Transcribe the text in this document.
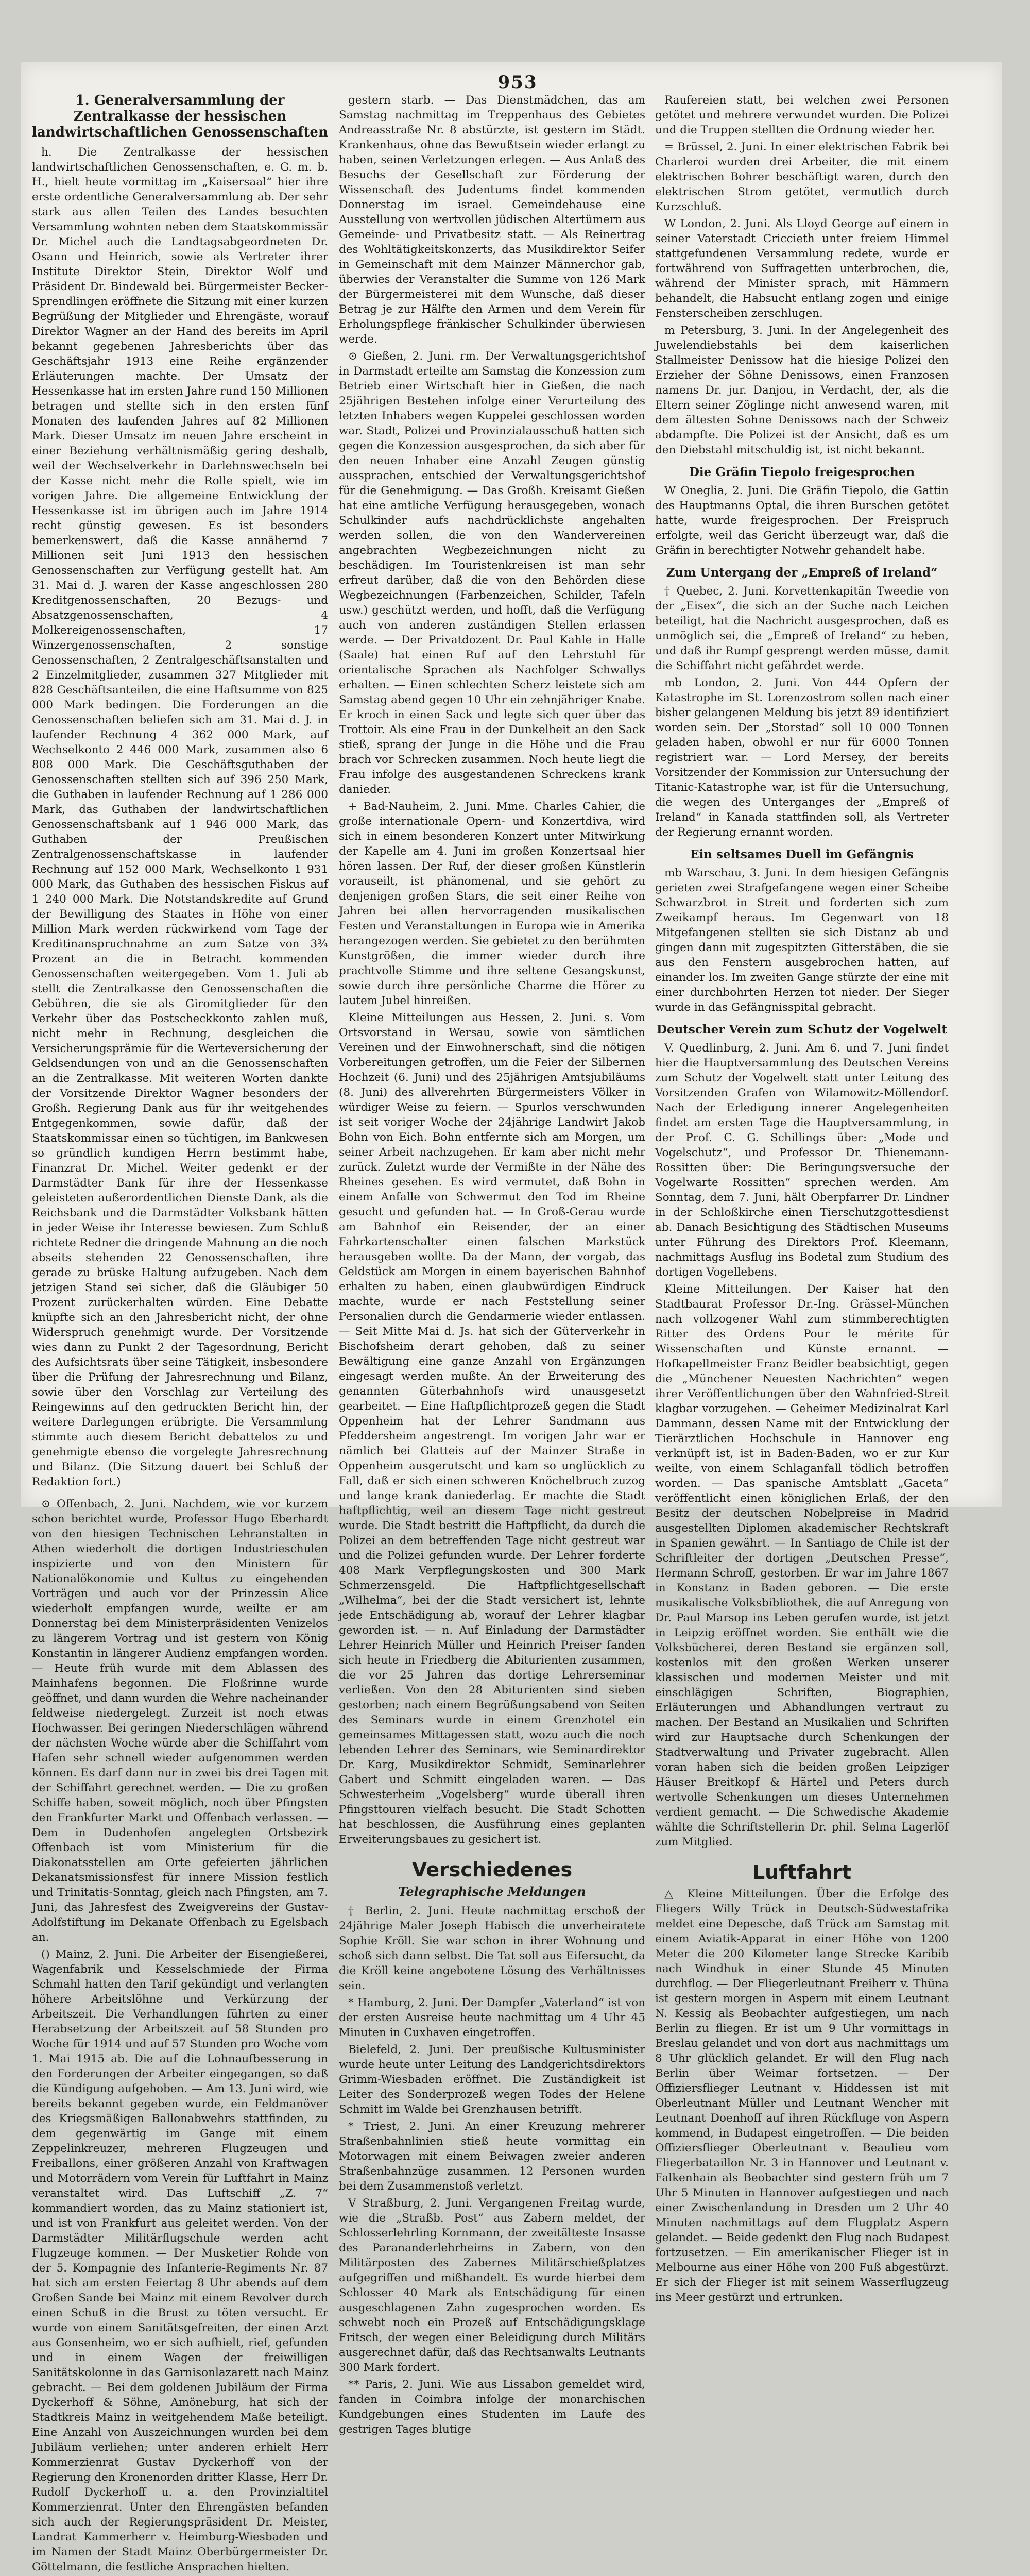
953
1. Generalversammlung der Zentralkasse der hessischen landwirtschaftlichen Genossenschaften

h. Die Zentralkasse der hessischen landwirtschaftlichen Genossenschaften, e. G. m. b. H., hielt heute vormittag im „Kaisersaal“ hier ihre erste ordentliche Generalversammlung ab. Der sehr stark aus allen Teilen des Landes besuchten Versammlung wohnten neben dem Staatskommissär Dr. Michel auch die Landtagsabgeordneten Dr. Osann und Heinrich, sowie als Vertreter ihrer Institute Direktor Stein, Direktor Wolf und Präsident Dr. Bindewald bei. Bürgermeister Becker-Sprendlingen eröffnete die Sitzung mit einer kurzen Begrüßung der Mitglieder und Ehrengäste, worauf Direktor Wagner an der Hand des bereits im April bekannt gegebenen Jahresberichts über das Geschäftsjahr 1913 eine Reihe ergänzender Erläuterungen machte. Der Umsatz der Hessenkasse hat im ersten Jahre rund 150 Millionen betragen und stellte sich in den ersten fünf Monaten des laufenden Jahres auf 82 Millionen Mark. Dieser Umsatz im neuen Jahre erscheint in einer Beziehung verhältnismäßig gering deshalb, weil der Wechselverkehr in Darlehnswechseln bei der Kasse nicht mehr die Rolle spielt, wie im vorigen Jahre. Die allgemeine Entwicklung der Hessenkasse ist im übrigen auch im Jahre 1914 recht günstig gewesen. Es ist besonders bemerkenswert, daß die Kasse annähernd 7 Millionen seit Juni 1913 den hessischen Genossenschaften zur Verfügung gestellt hat. Am 31. Mai d. J. waren der Kasse angeschlossen 280 Kreditgenossenschaften, 20 Bezugs- und Absatzgenossenschaften, 4 Molkereigenossenschaften, 17 Winzergenossenschaften, 2 sonstige Genossenschaften, 2 Zentralgeschäftsanstalten und 2 Einzelmitglieder, zusammen 327 Mitglieder mit 828 Geschäftsanteilen, die eine Haftsumme von 825 000 Mark bedingen. Die Forderungen an die Genossenschaften beliefen sich am 31. Mai d. J. in laufender Rechnung 4 362 000 Mark, auf Wechselkonto 2 446 000 Mark, zusammen also 6 808 000 Mark. Die Geschäftsguthaben der Genossenschaften stellten sich auf 396 250 Mark, die Guthaben in laufender Rechnung auf 1 286 000 Mark, das Guthaben der landwirtschaftlichen Genossenschaftsbank auf 1 946 000 Mark, das Guthaben der Preußischen Zentralgenossenschaftskasse in laufender Rechnung auf 152 000 Mark, Wechselkonto 1 931 000 Mark, das Guthaben des hessischen Fiskus auf 1 240 000 Mark. Die Notstandskredite auf Grund der Bewilligung des Staates in Höhe von einer Million Mark werden rückwirkend vom Tage der Kreditinanspruchnahme an zum Satze von 3¾ Prozent an die in Betracht kommenden Genossenschaften weitergegeben. Vom 1. Juli ab stellt die Zentralkasse den Genossenschaften die Gebühren, die sie als Giromitglieder für den Verkehr über das Postscheckkonto zahlen muß, nicht mehr in Rechnung, desgleichen die Versicherungsprämie für die Werteversicherung der Geldsendungen von und an die Genossenschaften an die Zentralkasse. Mit weiteren Worten dankte der Vorsitzende Direktor Wagner besonders der Großh. Regierung Dank aus für ihr weitgehendes Entgegenkommen, sowie dafür, daß der Staatskommissar einen so tüchtigen, im Bankwesen so gründlich kundigen Herrn bestimmt habe, Finanzrat Dr. Michel. Weiter gedenkt er der Darmstädter Bank für ihre der Hessenkasse geleisteten außerordentlichen Dienste Dank, als die Reichsbank und die Darmstädter Volksbank hätten in jeder Weise ihr Interesse bewiesen. Zum Schluß richtete Redner die dringende Mahnung an die noch abseits stehenden 22 Genossenschaften, ihre gerade zu brüske Haltung aufzugeben. Nach dem jetzigen Stand sei sicher, daß die Gläubiger 50 Prozent zurückerhalten würden. Eine Debatte knüpfte sich an den Jahresbericht nicht, der ohne Widerspruch genehmigt wurde. Der Vorsitzende wies dann zu Punkt 2 der Tagesordnung, Bericht des Aufsichtsrats über seine Tätigkeit, insbesondere über die Prüfung der Jahresrechnung und Bilanz, sowie über den Vorschlag zur Verteilung des Reingewinns auf den gedruckten Bericht hin, der weitere Darlegungen erübrigte. Die Versammlung stimmte auch diesem Bericht debattelos zu und genehmigte ebenso die vorgelegte Jahresrechnung und Bilanz. (Die Sitzung dauert bei Schluß der Redaktion fort.)

⊙ Offenbach, 2. Juni. Nachdem, wie vor kurzem schon berichtet wurde, Professor Hugo Eberhardt von den hiesigen Technischen Lehranstalten in Athen wiederholt die dortigen Industrieschulen inspizierte und von den Ministern für Nationalökonomie und Kultus zu eingehenden Vorträgen und auch vor der Prinzessin Alice wiederholt empfangen wurde, weilte er am Donnerstag bei dem Ministerpräsidenten Venizelos zu längerem Vortrag und ist gestern von König Konstantin in längerer Audienz empfangen worden. — Heute früh wurde mit dem Ablassen des Mainhafens begonnen. Die Floßrinne wurde geöffnet, und dann wurden die Wehre nacheinander feldweise niedergelegt. Zurzeit ist noch etwas Hochwasser. Bei geringen Niederschlägen während der nächsten Woche würde aber die Schiffahrt vom Hafen sehr schnell wieder aufgenommen werden können. Es darf dann nur in zwei bis drei Tagen mit der Schiffahrt gerechnet werden. — Die zu großen Schiffe haben, soweit möglich, noch über Pfingsten den Frankfurter Markt und Offenbach verlassen. — Dem in Dudenhofen angelegten Ortsbezirk Offenbach ist vom Ministerium für die Diakonatsstellen am Orte gefeierten jährlichen Dekanatsmissionsfest für innere Mission festlich und Trinitatis-Sonntag, gleich nach Pfingsten, am 7. Juni, das Jahresfest des Zweigvereins der Gustav-Adolfstiftung im Dekanate Offenbach zu Egelsbach an.

() Mainz, 2. Juni. Die Arbeiter der Eisengießerei, Wagenfabrik und Kesselschmiede der Firma Schmahl hatten den Tarif gekündigt und verlangten höhere Arbeitslöhne und Verkürzung der Arbeitszeit. Die Verhandlungen führten zu einer Herabsetzung der Arbeitszeit auf 58 Stunden pro Woche für 1914 und auf 57 Stunden pro Woche vom 1. Mai 1915 ab. Die auf die Lohnaufbesserung in den Forderungen der Arbeiter eingegangen, so daß die Kündigung aufgehoben. — Am 13. Juni wird, wie bereits bekannt gegeben wurde, ein Feldmanöver des Kriegsmäßigen Ballonabwehrs stattfinden, zu dem gegenwärtig im Gange mit einem Zeppelinkreuzer, mehreren Flugzeugen und Freiballons, einer größeren Anzahl von Kraftwagen und Motorrädern vom Verein für Luftfahrt in Mainz veranstaltet wird. Das Luftschiff „Z. 7“ kommandiert worden, das zu Mainz stationiert ist, und ist von Frankfurt aus geleitet werden. Von der Darmstädter Militärflugschule werden acht Flugzeuge kommen. — Der Musketier Rohde von der 5. Kompagnie des Infanterie-Regiments Nr. 87 hat sich am ersten Feiertag 8 Uhr abends auf dem Großen Sande bei Mainz mit einem Revolver durch einen Schuß in die Brust zu töten versucht. Er wurde von einem Sanitätsgefreiten, der einen Arzt aus Gonsenheim, wo er sich aufhielt, rief, gefunden und in einem Wagen der freiwilligen Sanitätskolonne in das Garnisonlazarett nach Mainz gebracht. — Bei dem goldenen Jubiläum der Firma Dyckerhoff & Söhne, Amöneburg, hat sich der Stadtkreis Mainz in weitgehendem Maße beteiligt. Eine Anzahl von Auszeichnungen wurden bei dem Jubiläum verliehen; unter anderen erhielt Herr Kommerzienrat Gustav Dyckerhoff von der Regierung den Kronenorden dritter Klasse, Herr Dr. Rudolf Dyckerhoff u. a. den Provinzialtitel Kommerzienrat. Unter den Ehrengästen befanden sich auch der Regierungspräsident Dr. Meister, Landrat Kammerherr v. Heimburg-Wiesbaden und im Namen der Stadt Mainz Oberbürgermeister Dr. Göttelmann, die festliche Ansprachen hielten.

gestern starb. — Das Dienstmädchen, das am Samstag nachmittag im Treppenhaus des Gebietes Andreasstraße Nr. 8 abstürzte, ist gestern im Städt. Krankenhaus, ohne das Bewußtsein wieder erlangt zu haben, seinen Verletzungen erlegen. — Aus Anlaß des Besuchs der Gesellschaft zur Förderung der Wissenschaft des Judentums findet kommenden Donnerstag im israel. Gemeindehause eine Ausstellung von wertvollen jüdischen Altertümern aus Gemeinde- und Privatbesitz statt. — Als Reinertrag des Wohltätigkeitskonzerts, das Musikdirektor Seifer in Gemeinschaft mit dem Mainzer Männerchor gab, überwies der Veranstalter die Summe von 126 Mark der Bürgermeisterei mit dem Wunsche, daß dieser Betrag je zur Hälfte den Armen und dem Verein für Erholungspflege fränkischer Schulkinder überwiesen werde.

⊙ Gießen, 2. Juni. rm. Der Verwaltungsgerichtshof in Darmstadt erteilte am Samstag die Konzession zum Betrieb einer Wirtschaft hier in Gießen, die nach 25jährigen Bestehen infolge einer Verurteilung des letzten Inhabers wegen Kuppelei geschlossen worden war. Stadt, Polizei und Provinzialausschuß hatten sich gegen die Konzession ausgesprochen, da sich aber für den neuen Inhaber eine Anzahl Zeugen günstig aussprachen, entschied der Verwaltungsgerichtshof für die Genehmigung. — Das Großh. Kreisamt Gießen hat eine amtliche Verfügung herausgegeben, wonach Schulkinder aufs nachdrücklichste angehalten werden sollen, die von den Wandervereinen angebrachten Wegbezeichnungen nicht zu beschädigen. Im Touristenkreisen ist man sehr erfreut darüber, daß die von den Behörden diese Wegbezeichnungen (Farbenzeichen, Schilder, Tafeln usw.) geschützt werden, und hofft, daß die Verfügung auch von anderen zuständigen Stellen erlassen werde. — Der Privatdozent Dr. Paul Kahle in Halle (Saale) hat einen Ruf auf den Lehrstuhl für orientalische Sprachen als Nachfolger Schwallys erhalten. — Einen schlechten Scherz leistete sich am Samstag abend gegen 10 Uhr ein zehnjähriger Knabe. Er kroch in einen Sack und legte sich quer über das Trottoir. Als eine Frau in der Dunkelheit an den Sack stieß, sprang der Junge in die Höhe und die Frau brach vor Schrecken zusammen. Noch heute liegt die Frau infolge des ausgestandenen Schreckens krank danieder.

+ Bad-Nauheim, 2. Juni. Mme. Charles Cahier, die große internationale Opern- und Konzertdiva, wird sich in einem besonderen Konzert unter Mitwirkung der Kapelle am 4. Juni im großen Konzertsaal hier hören lassen. Der Ruf, der dieser großen Künstlerin vorauseilt, ist phänomenal, und sie gehört zu denjenigen großen Stars, die seit einer Reihe von Jahren bei allen hervorragenden musikalischen Festen und Veranstaltungen in Europa wie in Amerika herangezogen werden. Sie gebietet zu den berühmten Kunstgrößen, die immer wieder durch ihre prachtvolle Stimme und ihre seltene Gesangskunst, sowie durch ihre persönliche Charme die Hörer zu lautem Jubel hinreißen.

Kleine Mitteilungen aus Hessen, 2. Juni. s. Vom Ortsvorstand in Wersau, sowie von sämtlichen Vereinen und der Einwohnerschaft, sind die nötigen Vorbereitungen getroffen, um die Feier der Silbernen Hochzeit (6. Juni) und des 25jährigen Amtsjubiläums (8. Juni) des allverehrten Bürgermeisters Völker in würdiger Weise zu feiern. — Spurlos verschwunden ist seit voriger Woche der 24jährige Landwirt Jakob Bohn von Eich. Bohn entfernte sich am Morgen, um seiner Arbeit nachzugehen. Er kam aber nicht mehr zurück. Zuletzt wurde der Vermißte in der Nähe des Rheines gesehen. Es wird vermutet, daß Bohn in einem Anfalle von Schwermut den Tod im Rheine gesucht und gefunden hat. — In Groß-Gerau wurde am Bahnhof ein Reisender, der an einer Fahrkartenschalter einen falschen Markstück herausgeben wollte. Da der Mann, der vorgab, das Geldstück am Morgen in einem bayerischen Bahnhof erhalten zu haben, einen glaubwürdigen Eindruck machte, wurde er nach Feststellung seiner Personalien durch die Gendarmerie wieder entlassen. — Seit Mitte Mai d. Js. hat sich der Güterverkehr in Bischofsheim derart gehoben, daß zu seiner Bewältigung eine ganze Anzahl von Ergänzungen eingesagt werden mußte. An der Erweiterung des genannten Güterbahnhofs wird unausgesetzt gearbeitet. — Eine Haftpflichtprozeß gegen die Stadt Oppenheim hat der Lehrer Sandmann aus Pfeddersheim angestrengt. Im vorigen Jahr war er nämlich bei Glatteis auf der Mainzer Straße in Oppenheim ausgerutscht und kam so unglücklich zu Fall, daß er sich einen schweren Knöchelbruch zuzog und lange krank daniederlag. Er machte die Stadt haftpflichtig, weil an diesem Tage nicht gestreut wurde. Die Stadt bestritt die Haftpflicht, da durch die Polizei an dem betreffenden Tage nicht gestreut war und die Polizei gefunden wurde. Der Lehrer forderte 408 Mark Verpflegungskosten und 300 Mark Schmerzensgeld. Die Haftpflichtgesellschaft „Wilhelma“, bei der die Stadt versichert ist, lehnte jede Entschädigung ab, worauf der Lehrer klagbar geworden ist. — n. Auf Einladung der Darmstädter Lehrer Heinrich Müller und Heinrich Preiser fanden sich heute in Friedberg die Abiturienten zusammen, die vor 25 Jahren das dortige Lehrerseminar verließen. Von den 28 Abiturienten sind sieben gestorben; nach einem Begrüßungsabend von Seiten des Seminars wurde in einem Grenzhotel ein gemeinsames Mittagessen statt, wozu auch die noch lebenden Lehrer des Seminars, wie Seminardirektor Dr. Karg, Musikdirektor Schmidt, Seminarlehrer Gabert und Schmitt eingeladen waren. — Das Schwesterheim „Vogelsberg“ wurde überall ihren Pfingsttouren vielfach besucht. Die Stadt Schotten hat beschlossen, die Ausführung eines geplanten Erweiterungsbaues zu gesichert ist.

Verschiedenes
Telegraphische Meldungen

† Berlin, 2. Juni. Heute nachmittag erschoß der 24jährige Maler Joseph Habisch die unverheiratete Sophie Kröll. Sie war schon in ihrer Wohnung und schoß sich dann selbst. Die Tat soll aus Eifersucht, da die Kröll keine angebotene Lösung des Verhältnisses sein.

* Hamburg, 2. Juni. Der Dampfer „Vaterland“ ist von der ersten Ausreise heute nachmittag um 4 Uhr 45 Minuten in Cuxhaven eingetroffen.

Bielefeld, 2. Juni. Der preußische Kultusminister wurde heute unter Leitung des Landgerichtsdirektors Grimm-Wiesbaden eröffnet. Die Zuständigkeit ist Leiter des Sonderprozeß wegen Todes der Helene Schmitt im Walde bei Grenzhausen betrifft.

* Triest, 2. Juni. An einer Kreuzung mehrerer Straßenbahnlinien stieß heute vormittag ein Motorwagen mit einem Beiwagen zweier anderen Straßenbahnzüge zusammen. 12 Personen wurden bei dem Zusammenstoß verletzt.

V Straßburg, 2. Juni. Vergangenen Freitag wurde, wie die „Straßb. Post“ aus Zabern meldet, der Schlosserlehrling Kornmann, der zweitälteste Insasse des Parananderlehrheims in Zabern, von den Militärposten des Zabernes Militärschießplatzes aufgegriffen und mißhandelt. Es wurde hierbei dem Schlosser 40 Mark als Entschädigung für einen ausgeschlagenen Zahn zugesprochen worden. Es schwebt noch ein Prozeß auf Entschädigungsklage Fritsch, der wegen einer Beleidigung durch Militärs ausgerechnet dafür, daß das Rechtsanwalts Leutnants 300 Mark fordert.

** Paris, 2. Juni. Wie aus Lissabon gemeldet wird, fanden in Coimbra infolge der monarchischen Kundgebungen eines Studenten im Laufe des gestrigen Tages blutige

Raufereien statt, bei welchen zwei Personen getötet und mehrere verwundet wurden. Die Polizei und die Truppen stellten die Ordnung wieder her.

= Brüssel, 2. Juni. In einer elektrischen Fabrik bei Charleroi wurden drei Arbeiter, die mit einem elektrischen Bohrer beschäftigt waren, durch den elektrischen Strom getötet, vermutlich durch Kurzschluß.

W London, 2. Juni. Als Lloyd George auf einem in seiner Vaterstadt Criccieth unter freiem Himmel stattgefundenen Versammlung redete, wurde er fortwährend von Suffragetten unterbrochen, die, während der Minister sprach, mit Hämmern behandelt, die Habsucht entlang zogen und einige Fensterscheiben zerschlugen.

m Petersburg, 3. Juni. In der Angelegenheit des Juwelendiebstahls bei dem kaiserlichen Stallmeister Denissow hat die hiesige Polizei den Erzieher der Söhne Denissows, einen Franzosen namens Dr. jur. Danjou, in Verdacht, der, als die Eltern seiner Zöglinge nicht anwesend waren, mit dem ältesten Sohne Denissows nach der Schweiz abdampfte. Die Polizei ist der Ansicht, daß es um den Diebstahl mitschuldig ist, ist nicht bekannt.

Die Gräfin Tiepolo freigesprochen

W Oneglia, 2. Juni. Die Gräfin Tiepolo, die Gattin des Hauptmanns Optal, die ihren Burschen getötet hatte, wurde freigesprochen. Der Freispruch erfolgte, weil das Gericht überzeugt war, daß die Gräfin in berechtigter Notwehr gehandelt habe.

Zum Untergang der „Empreß of Ireland“

† Quebec, 2. Juni. Korvettenkapitän Tweedie von der „Eisex“, die sich an der Suche nach Leichen beteiligt, hat die Nachricht ausgesprochen, daß es unmöglich sei, die „Empreß of Ireland“ zu heben, und daß ihr Rumpf gesprengt werden müsse, damit die Schiffahrt nicht gefährdet werde.

mb London, 2. Juni. Von 444 Opfern der Katastrophe im St. Lorenzostrom sollen nach einer bisher gelangenen Meldung bis jetzt 89 identifiziert worden sein. Der „Storstad“ soll 10 000 Tonnen geladen haben, obwohl er nur für 6000 Tonnen registriert war. — Lord Mersey, der bereits Vorsitzender der Kommission zur Untersuchung der Titanic-Katastrophe war, ist für die Untersuchung, die wegen des Unterganges der „Empreß of Ireland“ in Kanada stattfinden soll, als Vertreter der Regierung ernannt worden.

Ein seltsames Duell im Gefängnis

mb Warschau, 3. Juni. In dem hiesigen Gefängnis gerieten zwei Strafgefangene wegen einer Scheibe Schwarzbrot in Streit und forderten sich zum Zweikampf heraus. Im Gegenwart von 18 Mitgefangenen stellten sie sich Distanz ab und gingen dann mit zugespitzten Gitterstäben, die sie aus den Fenstern ausgebrochen hatten, auf einander los. Im zweiten Gange stürzte der eine mit einer durchbohrten Herzen tot nieder. Der Sieger wurde in das Gefängnisspital gebracht.

Deutscher Verein zum Schutz der Vogelwelt

V. Quedlinburg, 2. Juni. Am 6. und 7. Juni findet hier die Hauptversammlung des Deutschen Vereins zum Schutz der Vogelwelt statt unter Leitung des Vorsitzenden Grafen von Wilamowitz-Möllendorf. Nach der Erledigung innerer Angelegenheiten findet am ersten Tage die Hauptversammlung, in der Prof. C. G. Schillings über: „Mode und Vogelschutz“, und Professor Dr. Thienemann-Rossitten über: Die Beringungsversuche der Vogelwarte Rossitten“ sprechen werden. Am Sonntag, dem 7. Juni, hält Oberpfarrer Dr. Lindner in der Schloßkirche einen Tierschutzgottesdienst ab. Danach Besichtigung des Städtischen Museums unter Führung des Direktors Prof. Kleemann, nachmittags Ausflug ins Bodetal zum Studium des dortigen Vogellebens.

Kleine Mitteilungen. Der Kaiser hat den Stadtbaurat Professor Dr.-Ing. Grässel-München nach vollzogener Wahl zum stimmberechtigten Ritter des Ordens Pour le mérite für Wissenschaften und Künste ernannt. — Hofkapellmeister Franz Beidler beabsichtigt, gegen die „Münchener Neuesten Nachrichten“ wegen ihrer Veröffentlichungen über den Wahnfried-Streit klagbar vorzugehen. — Geheimer Medizinalrat Karl Dammann, dessen Name mit der Entwicklung der Tierärztlichen Hochschule in Hannover eng verknüpft ist, ist in Baden-Baden, wo er zur Kur weilte, von einem Schlaganfall tödlich betroffen worden. — Das spanische Amtsblatt „Gaceta“ veröffentlicht einen königlichen Erlaß, der den Besitz der deutschen Nobelpreise in Madrid ausgestellten Diplomen akademischer Rechtskraft in Spanien gewährt. — In Santiago de Chile ist der Schriftleiter der dortigen „Deutschen Presse“, Hermann Schroff, gestorben. Er war im Jahre 1867 in Konstanz in Baden geboren. — Die erste musikalische Volksbibliothek, die auf Anregung von Dr. Paul Marsop ins Leben gerufen wurde, ist jetzt in Leipzig eröffnet worden. Sie enthält wie die Volksbücherei, deren Bestand sie ergänzen soll, kostenlos mit den großen Werken unserer klassischen und modernen Meister und mit einschlägigen Schriften, Biographien, Erläuterungen und Abhandlungen vertraut zu machen. Der Bestand an Musikalien und Schriften wird zur Hauptsache durch Schenkungen der Stadtverwaltung und Privater zugebracht. Allen voran haben sich die beiden großen Leipziger Häuser Breitkopf & Härtel und Peters durch wertvolle Schenkungen um dieses Unternehmen verdient gemacht. — Die Schwedische Akademie wählte die Schriftstellerin Dr. phil. Selma Lagerlöf zum Mitglied.

Luftfahrt

△ Kleine Mitteilungen. Über die Erfolge des Fliegers Willy Trück in Deutsch-Südwestafrika meldet eine Depesche, daß Trück am Samstag mit einem Aviatik-Apparat in einer Höhe von 1200 Meter die 200 Kilometer lange Strecke Karibib nach Windhuk in einer Stunde 45 Minuten durchflog. — Der Fliegerleutnant Freiherr v. Thüna ist gestern morgen in Aspern mit einem Leutnant N. Kessig als Beobachter aufgestiegen, um nach Berlin zu fliegen. Er ist um 9 Uhr vormittags in Breslau gelandet und von dort aus nachmittags um 8 Uhr glücklich gelandet. Er will den Flug nach Berlin über Weimar fortsetzen. — Der Offiziersflieger Leutnant v. Hiddessen ist mit Oberleutnant Müller und Leutnant Wencher mit Leutnant Doenhoff auf ihren Rückfluge von Aspern kommend, in Budapest eingetroffen. — Die beiden Offiziersflieger Oberleutnant v. Beaulieu vom Fliegerbataillon Nr. 3 in Hannover und Leutnant v. Falkenhain als Beobachter sind gestern früh um 7 Uhr 5 Minuten in Hannover aufgestiegen und nach einer Zwischenlandung in Dresden um 2 Uhr 40 Minuten nachmittags auf dem Flugplatz Aspern gelandet. — Beide gedenkt den Flug nach Budapest fortzusetzen. — Ein amerikanischer Flieger ist in Melbourne aus einer Höhe von 200 Fuß abgestürzt. Er sich der Flieger ist mit seinem Wasserflugzeug ins Meer gestürzt und ertrunken.
